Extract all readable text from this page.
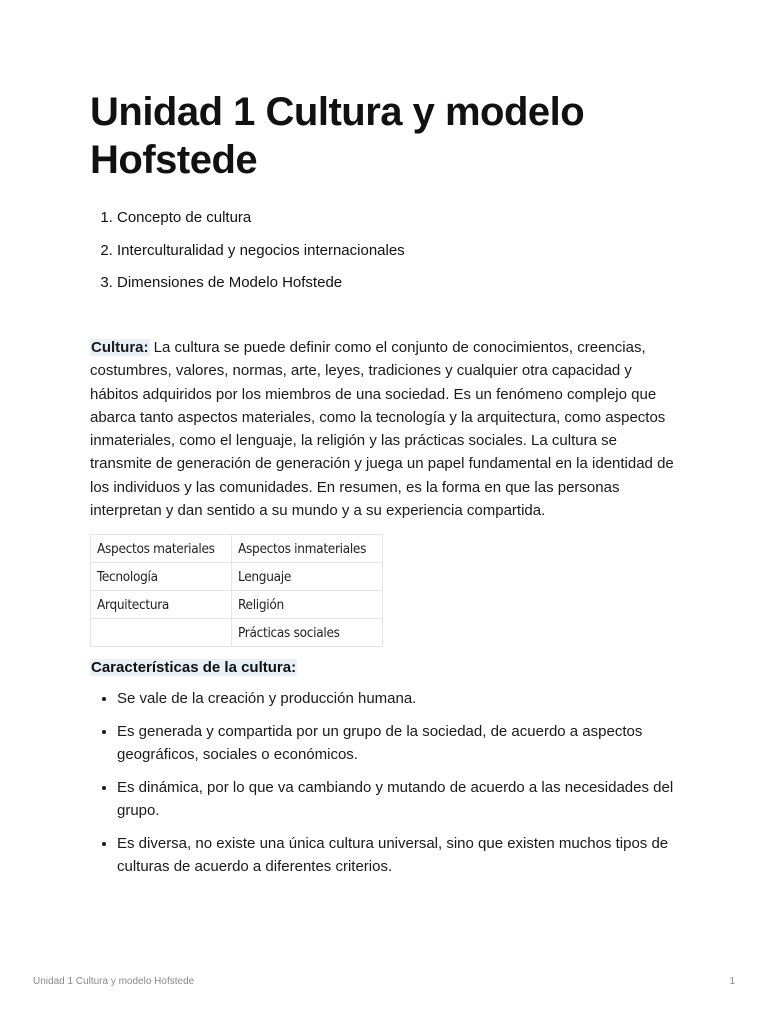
Unidad 1 Cultura y modelo Hofstede
1. Concepto de cultura
2. Interculturalidad y negocios internacionales
3. Dimensiones de Modelo Hofstede

Cultura: La cultura se puede definir como el conjunto de conocimientos, creencias, costumbres, valores, normas, arte, leyes, tradiciones y cualquier otra capacidad y hábitos adquiridos por los miembros de una sociedad. Es un fenómeno complejo que abarca tanto aspectos materiales, como la tecnología y la arquitectura, como aspectos inmateriales, como el lenguaje, la religión y las prácticas sociales. La cultura se transmite de generación de generación y juega un papel fundamental en la identidad de los individuos y las comunidades. En resumen, es la forma en que las personas interpretan y dan sentido a su mundo y a su experiencia compartida.

Aspectos materiales	Aspectos inmateriales
Tecnología	Lenguaje
Arquitectura	Religión
	Prácticas sociales

Características de la cultura:

• Se vale de la creación y producción humana.
• Es generada y compartida por un grupo de la sociedad, de acuerdo a aspectos geográficos, sociales o económicos.
• Es dinámica, por lo que va cambiando y mutando de acuerdo a las necesidades del grupo.
• Es diversa, no existe una única cultura universal, sino que existen muchos tipos de culturas de acuerdo a diferentes criterios.
Unidad 1 Cultura y modelo Hofstede	1
